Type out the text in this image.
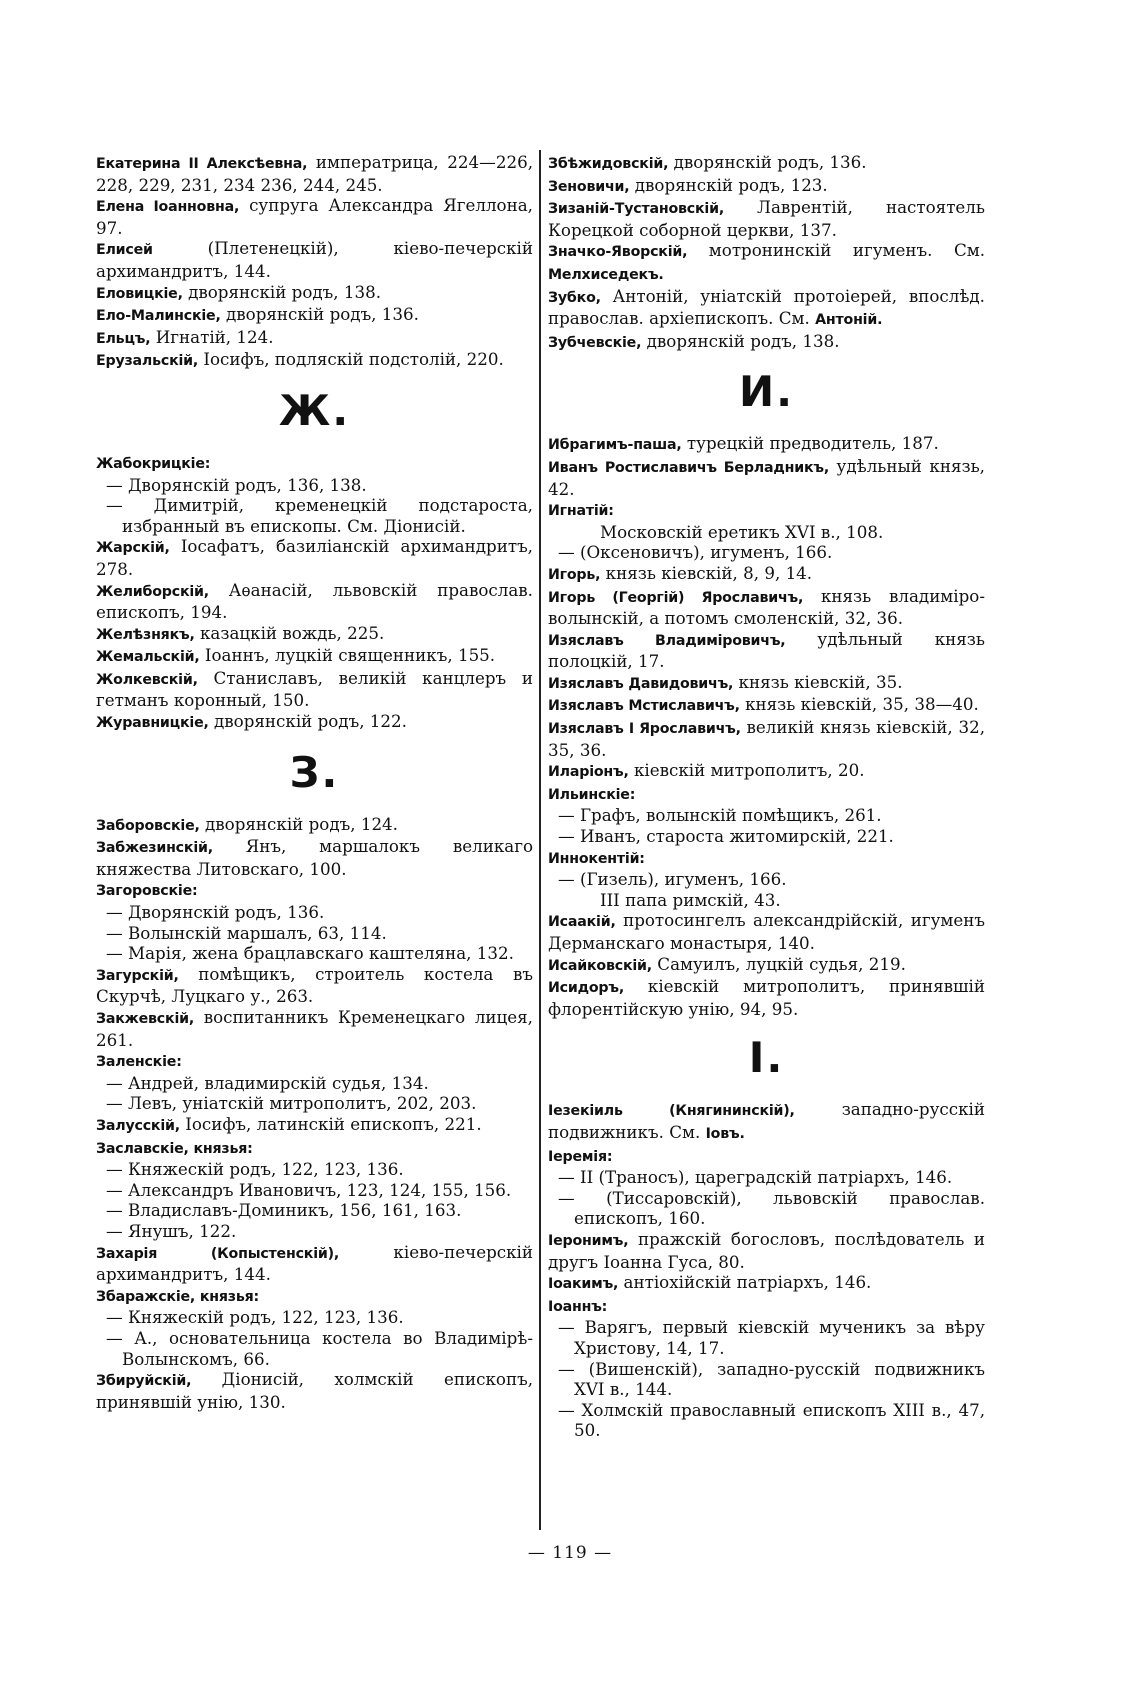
Екатерина II Алексѣевна, императрица, 224—226, 228, 229, 231, 234 236, 244, 245.

Елена Іоанновна, супруга Александра Ягеллона, 97.

Елисей (Плетенецкій), кіево-печерскій архимандритъ, 144.

Еловицкіе, дворянскій родъ, 138.

Ело-Малинскіе, дворянскій родъ, 136.

Ельцъ, Игнатій, 124.

Ерузальскій, Іосифъ, подляскій подстолій, 220.

Ж.

Жабокрицкіе:

— Дворянскій родъ, 136, 138.

— Димитрій, кременецкій подстароста, избранный въ епископы. См. Діонисій.

Жарскій, Іосафатъ, базиліанскій архимандритъ, 278.

Желиборскій, Аѳанасій, львовскій православ. епископъ, 194.

Желѣзнякъ, казацкій вождь, 225.

Жемальскій, Іоаннъ, луцкій священникъ, 155.

Жолкевскій, Станиславъ, великій канцлеръ и гетманъ коронный, 150.

Журавницкіе, дворянскій родъ, 122.

З.

Заборовскіе, дворянскій родъ, 124.

Забжезинскій, Янъ, маршалокъ великаго княжества Литовскаго, 100.

Загоровскіе:

— Дворянскій родъ, 136.

— Волынскій маршалъ, 63, 114.

— Марія, жена брацлавскаго каштеляна, 132.

Загурскій, помѣщикъ, строитель костела въ Скурчѣ, Луцкаго у., 263.

Закжевскій, воспитанникъ Кременецкаго лицея, 261.

Заленскіе:

— Андрей, владимирскій судья, 134.

— Левъ, уніатскій митрополитъ, 202, 203.

Залусскій, Іосифъ, латинскій епископъ, 221.

Заславскіе, князья:

— Княжескій родъ, 122, 123, 136.

— Александръ Ивановичъ, 123, 124, 155, 156.

— Владиславъ-Доминикъ, 156, 161, 163.

— Янушъ, 122.

Захарія (Копыстенскій), кіево-печерскій архимандритъ, 144.

Збаражскіе, князья:

— Княжескій родъ, 122, 123, 136.

— А., основательница костела во Владимірѣ-Волынскомъ, 66.

Збируйскій, Діонисій, холмскій епископъ, принявшій унію, 130.

Збѣжидовскій, дворянскій родъ, 136.

Зеновичи, дворянскій родъ, 123.

Зизаній-Тустановскій, Лаврентій, настоятель Корецкой соборной церкви, 137.

Значко-Яворскій, мотронинскій игуменъ. См. Мелхиседекъ.

Зубко, Антоній, уніатскій протоіерей, впослѣд. православ. архіепископъ. См. Антоній.

Зубчевскіе, дворянскій родъ, 138.

И.

Ибрагимъ-паша, турецкій предводитель, 187.

Иванъ Ростиславичъ Берладникъ, удѣльный князь, 42.

Игнатій:

Московскій еретикъ XVI в., 108.

— (Оксеновичъ), игуменъ, 166.

Игорь, князь кіевскій, 8, 9, 14.

Игорь (Георгій) Ярославичъ, князь владиміро-волынскій, а потомъ смоленскій, 32, 36.

Изяславъ Владиміровичъ, удѣльный князь полоцкій, 17.

Изяславъ Давидовичъ, князь кіевскій, 35.

Изяславъ Мстиславичъ, князь кіевскій, 35, 38—40.

Изяславъ I Ярославичъ, великій князь кіевскій, 32, 35, 36.

Иларіонъ, кіевскій митрополитъ, 20.

Ильинскіе:

— Графъ, волынскій помѣщикъ, 261.

— Иванъ, староста житомирскій, 221.

Иннокентій:

— (Гизель), игуменъ, 166.

III папа римскій, 43.

Исаакій, протосингелъ александрійскій, игуменъ Дерманскаго монастыря, 140.

Исайковскій, Самуилъ, луцкій судья, 219.

Исидоръ, кіевскій митрополитъ, принявшій флорентійскую унію, 94, 95.

I.

Іезекіиль (Княгининскій), западно-русскій подвижникъ. См. Іовъ.

Іеремія:

— II (Траносъ), цареградскій патріархъ, 146.

— (Тиссаровскій), львовскій православ. епископъ, 160.

Іеронимъ, пражскій богословъ, послѣдователь и другъ Іоанна Гуса, 80.

Іоакимъ, антіохійскій патріархъ, 146.

Іоаннъ:

— Варягъ, первый кіевскій мученикъ за вѣру Христову, 14, 17.

— (Вишенскій), западно-русскій подвижникъ XVI в., 144.

— Холмскій православный епископъ XIII в., 47, 50.

— 119 —
